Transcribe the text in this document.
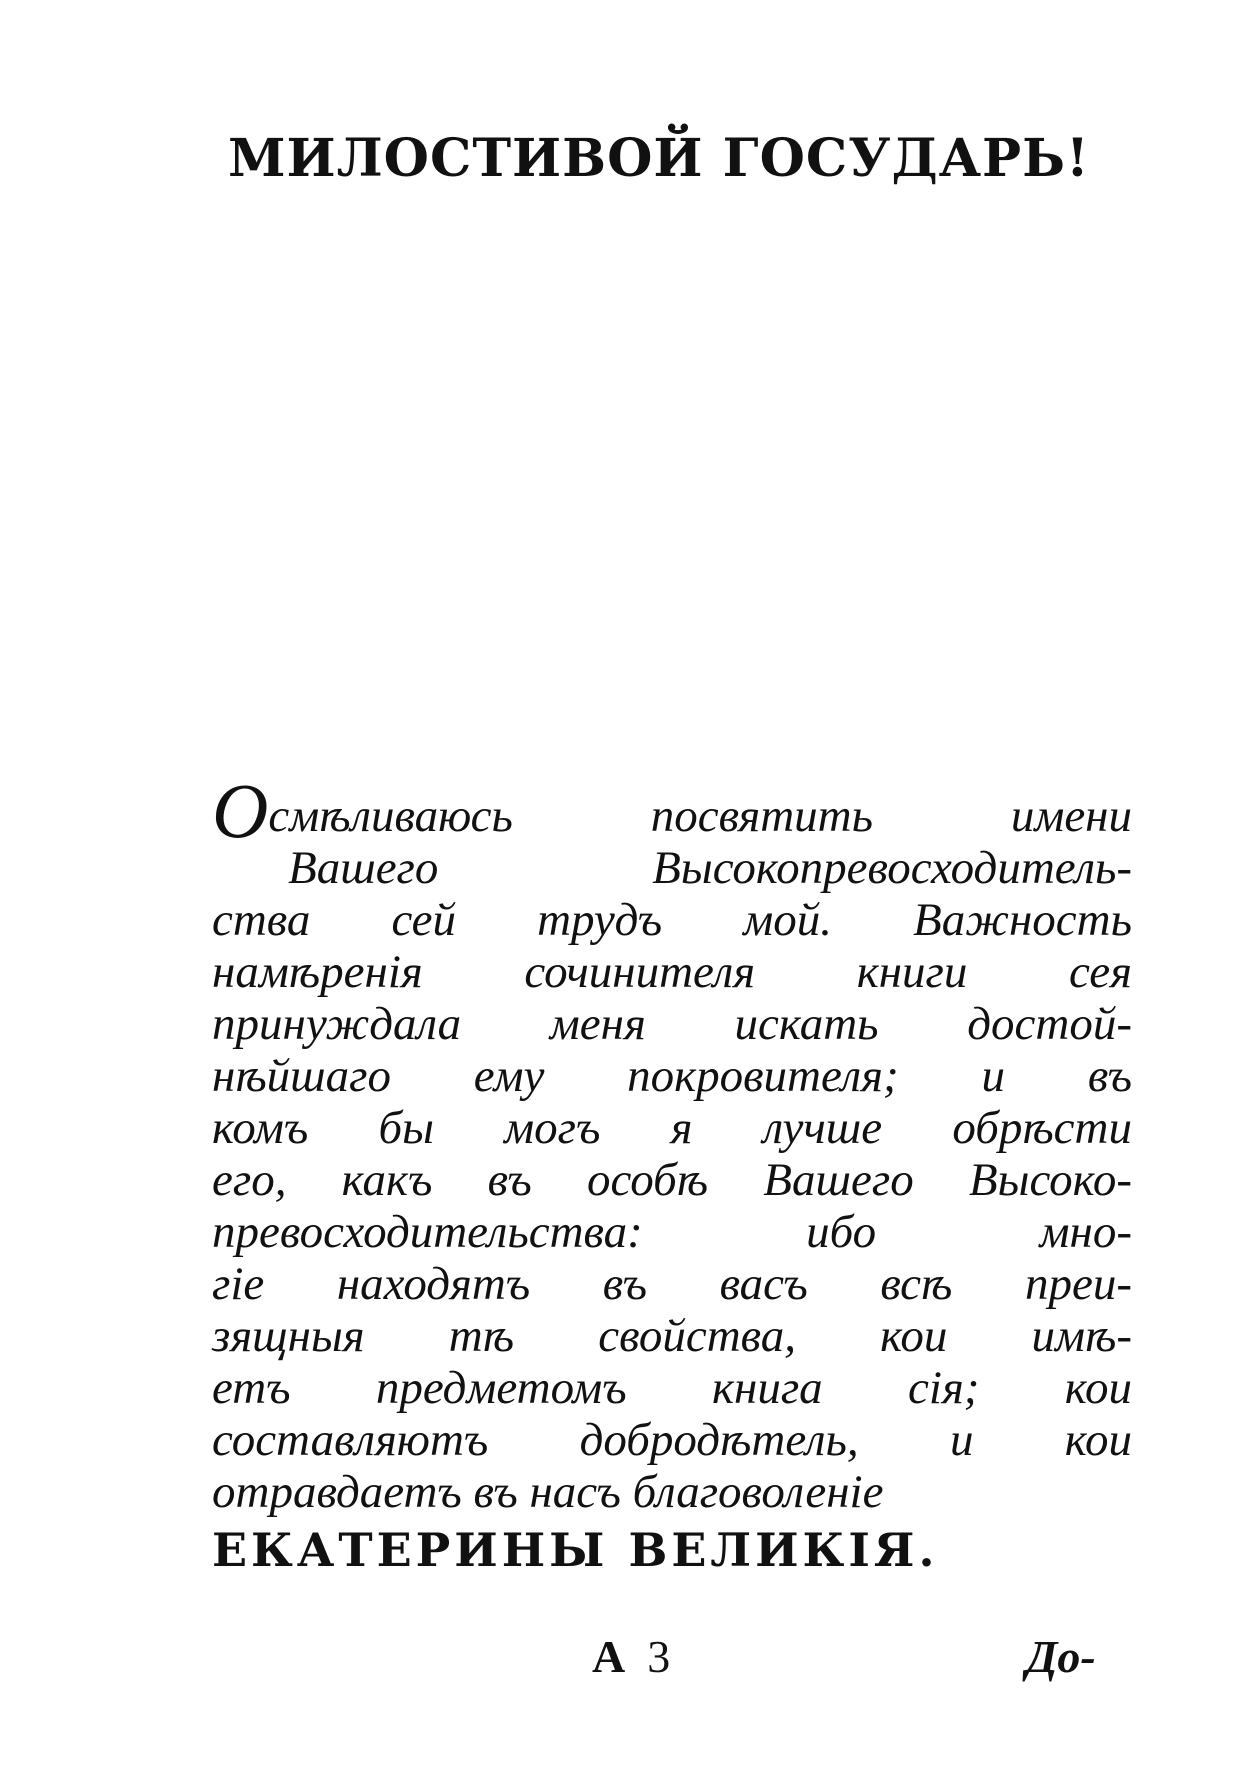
МИЛОСТИВОЙ ГОСУДАРЬ!
Осмѣливаюсь посвятить имени
Вашего Высокопревосходитель-
ства сей трудъ мой. Важность
намѣренія сочинителя книги сея
принуждала меня искать достой-
нѣйшаго ему покровителя; и въ
комъ бы могъ я лучше обрѣсти
его, какъ въ особѣ Вашего Высоко-
превосходительства: ибо мно-
гіе находятъ въ васъ всѣ преи-
зящныя тѣ свойства, кои имѣ-
етъ предметомъ книга сія; кои
составляютъ добродѣтель, и кои
отравдаетъ въ насъ благоволеніе
ЕКАТЕРИНЫ ВЕЛИКІЯ.
А 3	До-
